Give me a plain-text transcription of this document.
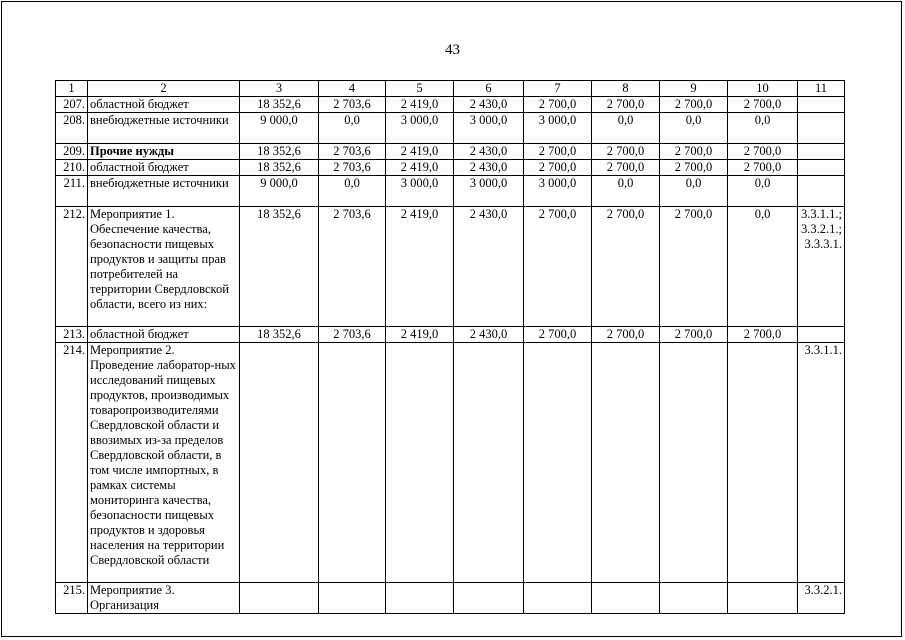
43
1	2	3	4	5	6	7	8	9	10	11
207.	областной бюджет	18 352,6	2 703,6	2 419,0	2 430,0	2 700,0	2 700,0	2 700,0	2 700,0	
208.	внебюджетные источники	9 000,0	0,0	3 000,0	3 000,0	3 000,0	0,0	0,0	0,0	
209.	Прочие нужды	18 352,6	2 703,6	2 419,0	2 430,0	2 700,0	2 700,0	2 700,0	2 700,0	
210.	областной бюджет	18 352,6	2 703,6	2 419,0	2 430,0	2 700,0	2 700,0	2 700,0	2 700,0	
211.	внебюджетные источники	9 000,0	0,0	3 000,0	3 000,0	3 000,0	0,0	0,0	0,0	
212.	Мероприятие 1. Обеспечение качества, безопасности пищевых продуктов и защиты прав потребителей на территории Свердловской области, всего из них:	18 352,6	2 703,6	2 419,0	2 430,0	2 700,0	2 700,0	2 700,0	0,0	3.3.1.1.; 3.3.2.1.; 3.3.3.1.
213.	областной бюджет	18 352,6	2 703,6	2 419,0	2 430,0	2 700,0	2 700,0	2 700,0	2 700,0	
214.	Мероприятие 2. Проведение лаборатор-ных исследований пищевых продуктов, производимых товаропроизводителями Свердловской области и ввозимых из-за пределов Свердловской области, в том числе импортных, в рамках системы мониторинга качества, безопасности пищевых продуктов и здоровья населения на территории Свердловской области									3.3.1.1.
215.	Мероприятие 3. Организация									3.3.2.1.
